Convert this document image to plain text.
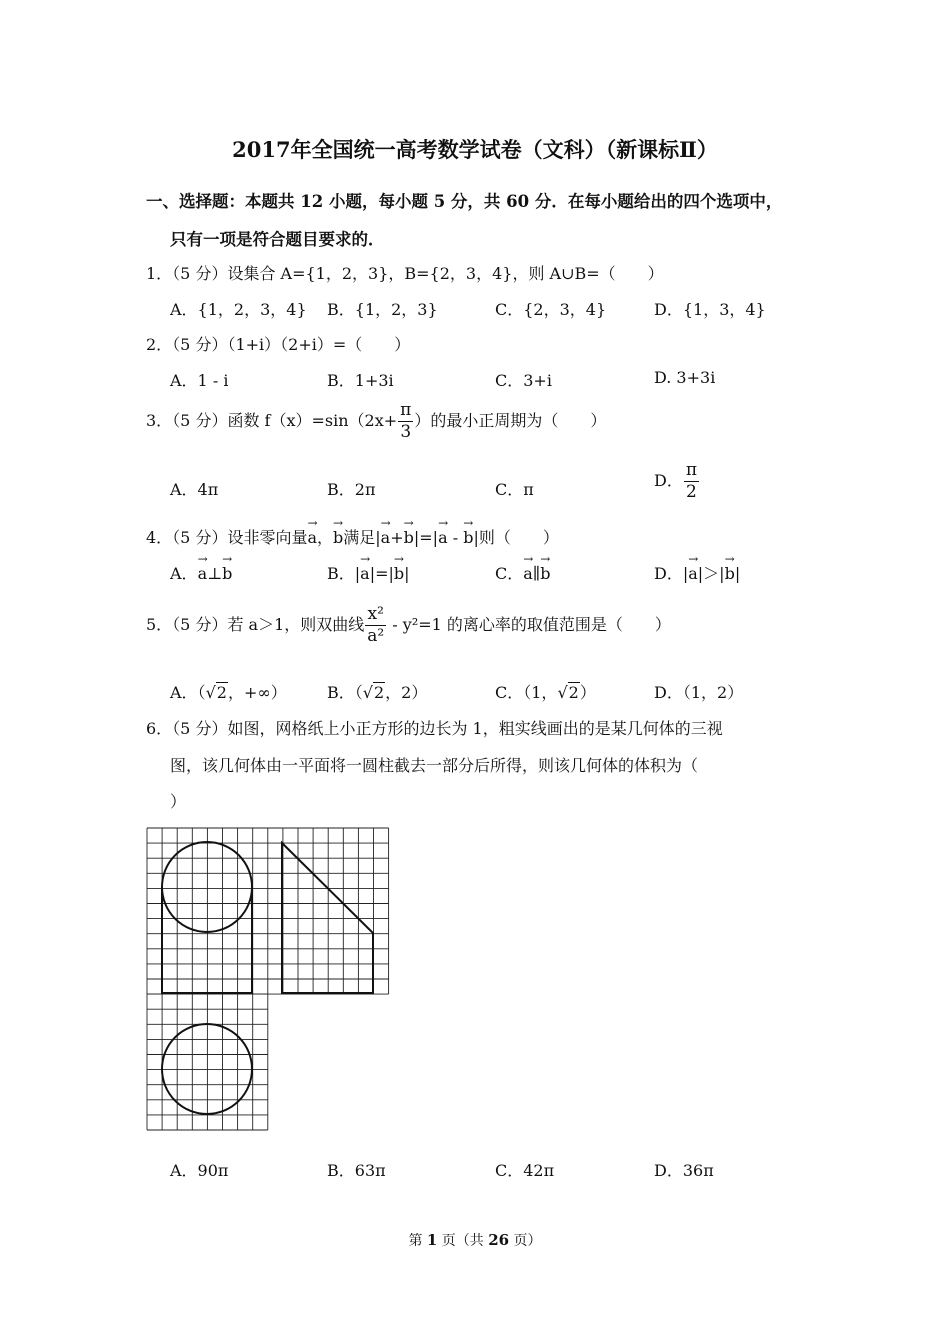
2017年全国统一高考数学试卷（文科）（新课标Ⅱ）
一、选择题：本题共 12 小题，每小题 5 分，共 60 分．在每小题给出的四个选项中，
只有一项是符合题目要求的．
1．（5 分）设集合 A={1，2，3}，B={2，3，4}，则 A∪B=（　　）
A．{1，2，3，4} B．{1，2，3}	C．{2，3，4}	D．{1，3，4}
2．（5 分）（1+i）（2+i）=（　　）
A．1 - i	B．1+3i	C．3+i	D. 3+3i
3．（5 分）函数 $f(x)=\sin(2x+ \frac{\pi}{3}$ ）的最小正周期为（　　）
A．4π	B．2π	C．π	D． $\frac{\pi}{2}$
4．（5 分）设非零向量→ a，→ b满足|→ a+→ b|=|→ a - → b|则（　　）
A．→ a⊥→ b	B．|→ a|=|→ b|	C．→ a∥→ b	D．|→ a|＞|→ b|
5．（5 分）若 a＞1，则双曲线 $\frac{\text{x²}}{\text{a²}} - y^2=1$ 的离心率的取值范围是（　　）
A．（√2，+∞）	B．（√2，2）	C．（1，√2）	D．（1，2）
6．（5 分）如图，网格纸上小正方形的边长为 1，粗实线画出的是某几何体的三视
图，该几何体由一平面将一圆柱截去一部分后所得，则该几何体的体积为（
）
A．90π	B．63π	C．42π	D．36π
第 1 页（共 26 页）
